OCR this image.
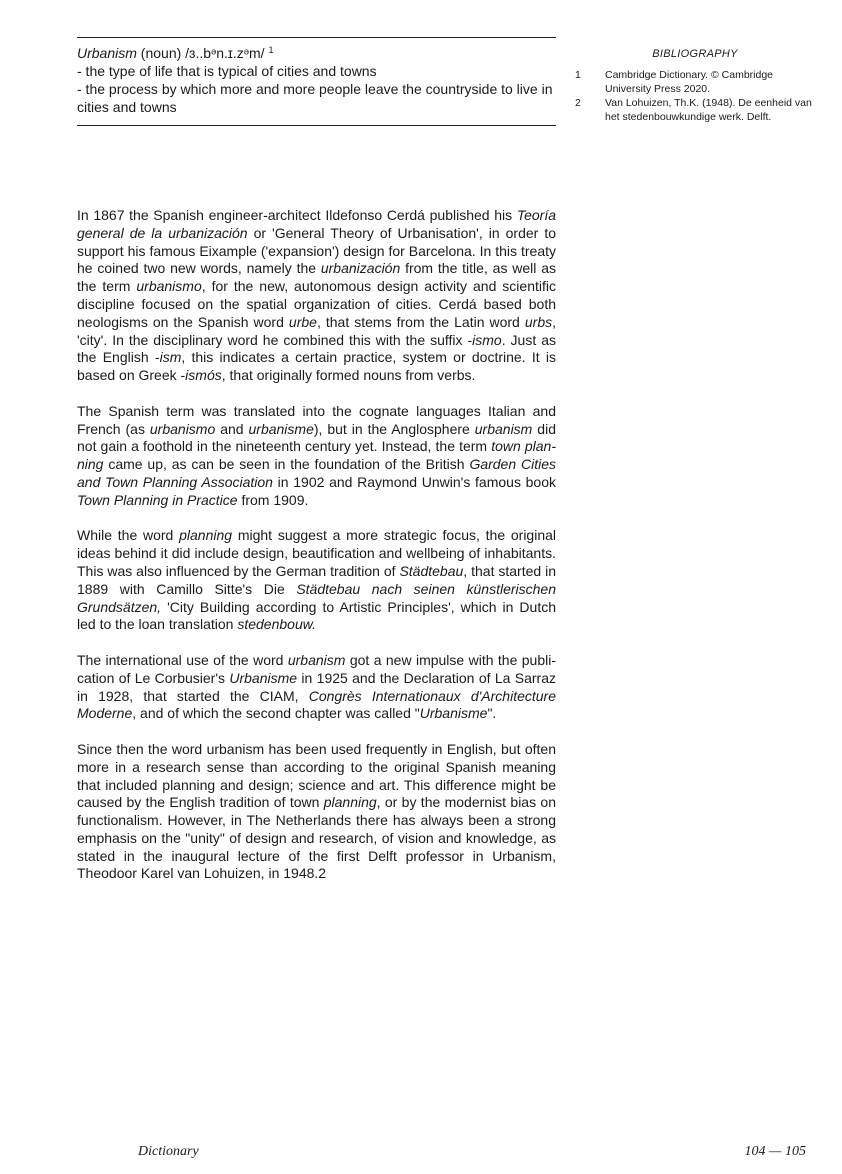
Urbanism (noun) /ɜ..bᵊn.ɪ.zᵊm/ $^1$
- the type of life that is typical of cities and towns
- the process by which more and more people leave the countryside to live in cities and towns
BIBLIOGRAPHY
1	Cambridge Dictionary. © Cambridge University Press 2020.
2	Van Lohuizen, Th.K. (1948). De eenheid van het stedenbouwkundige werk. Delft.

In 1867 the Spanish engineer-architect Ildefonso Cerdá published his Teoría general de la urbanización or 'General Theory of Urbanisation', in order to support his famous Eixample ('expansion') design for Barcelona. In this treaty he coined two new words, namely the urbanización from the title, as well as the term urbanismo, for the new, autonomous design activity and scientific discipline focused on the spatial organization of cities. Cerdá based both neologisms on the Spanish word urbe, that stems from the Latin word urbs, 'city'. In the disciplinary word he combined this with the suffix -ismo. Just as the English -ism, this indicates a certain practice, system or doctrine. It is based on Greek -ismós, that originally formed nouns from verbs.

The Spanish term was translated into the cognate languages Italian and French (as urbanismo and urbanisme), but in the Anglosphere urbanism did not gain a foothold in the nineteenth century yet. Instead, the term town planning came up, as can be seen in the foundation of the British Garden Cities and Town Planning Association in 1902 and Raymond Unwin's famous book Town Planning in Practice from 1909.

While the word planning might suggest a more strategic focus, the original ideas behind it did include design, beautification and wellbeing of inhabitants. This was also influenced by the German tradition of Städtebau, that started in 1889 with Camillo Sitte's Die Städtebau nach seinen künstlerischen Grundsätzen, 'City Building according to Artistic Principles', which in Dutch led to the loan translation stedenbouw.

The international use of the word urbanism got a new impulse with the publication of Le Corbusier's Urbanisme in 1925 and the Declaration of La Sarraz in 1928, that started the CIAM, Congrès Internationaux d'Architecture Moderne, and of which the second chapter was called "Urbanisme".

Since then the word urbanism has been used frequently in English, but often more in a research sense than according to the original Spanish meaning that included planning and design; science and art. This difference might be caused by the English tradition of town planning, or by the modernist bias on functionalism. However, in The Netherlands there has always been a strong emphasis on the "unity" of design and research, of vision and knowledge, as stated in the inaugural lecture of the first Delft professor in Urbanism, Theodoor Karel van Lohuizen, in 1948.2

Dictionary	104 — 105
